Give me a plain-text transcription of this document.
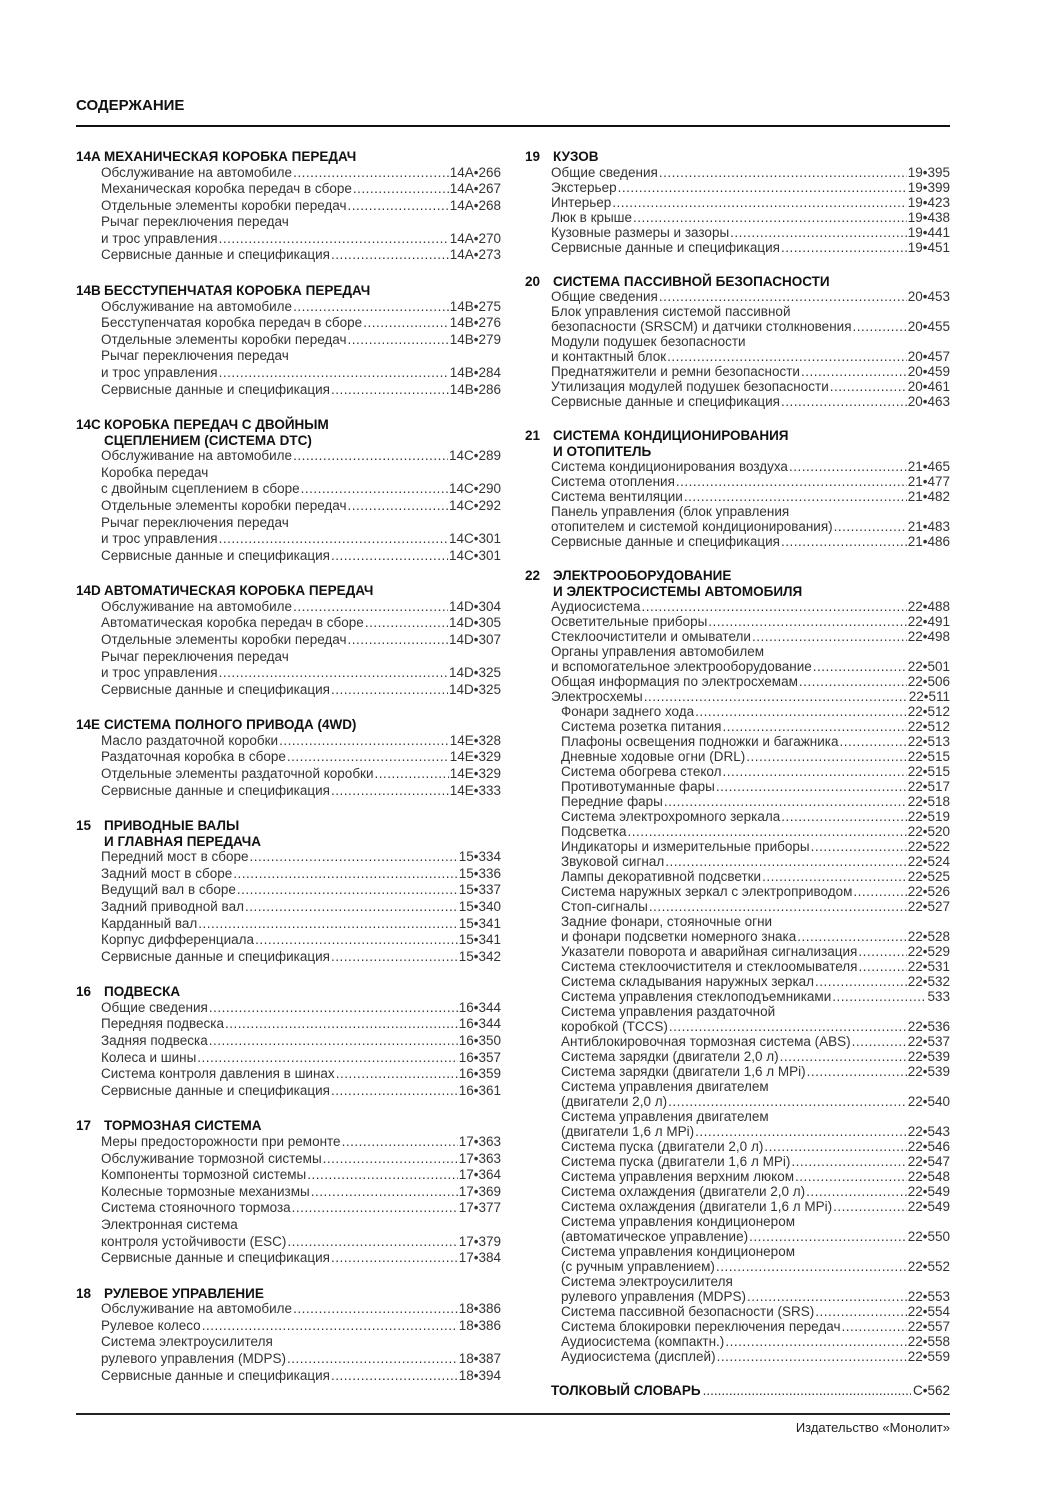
СОДЕРЖАНИЕ
14A МЕХАНИЧЕСКАЯ КОРОБКА ПЕРЕДАЧ
Обслуживание на автомобиле .....	14A•266
Механическая коробка передач в сборе .....	14A•267
Отдельные элементы коробки передач .....	14A•268
Рычаг переключения передач
и трос управления .....	14A•270
Сервисные данные и спецификация .....	14A•273
14B БЕССТУПЕНЧАТАЯ КОРОБКА ПЕРЕДАЧ
Обслуживание на автомобиле .....	14B•275
Бесступенчатая коробка передач в сборе .....	14B•276
Отдельные элементы коробки передач .....	14B•279
Рычаг переключения передач
и трос управления .....	14B•284
Сервисные данные и спецификация .....	14B•286
14C КОРОБКА ПЕРЕДАЧ С ДВОЙНЫМ
СЦЕПЛЕНИЕМ (СИСТЕМА DTC)
Обслуживание на автомобиле .....	14C•289
Коробка передач
с двойным сцеплением в сборе .....	14C•290
Отдельные элементы коробки передач .....	14C•292
Рычаг переключения передач
и трос управления .....	14C•301
Сервисные данные и спецификация .....	14C•301
14D АВТОМАТИЧЕСКАЯ КОРОБКА ПЕРЕДАЧ
Обслуживание на автомобиле .....	14D•304
Автоматическая коробка передач в сборе .....	14D•305
Отдельные элементы коробки передач .....	14D•307
Рычаг переключения передач
и трос управления .....	14D•325
Сервисные данные и спецификация .....	14D•325
14E СИСТЕМА ПОЛНОГО ПРИВОДА (4WD)
Масло раздаточной коробки .....	14E•328
Раздаточная коробка в сборе .....	14E•329
Отдельные элементы раздаточной коробки .....	14E•329
Сервисные данные и спецификация .....	14E•333
15 ПРИВОДНЫЕ ВАЛЫ
И ГЛАВНАЯ ПЕРЕДАЧА
Передний мост в сборе .....	15•334
Задний мост в сборе .....	15•336
Ведущий вал в сборе .....	15•337
Задний приводной вал .....	15•340
Карданный вал .....	15•341
Корпус дифференциала .....	15•341
Сервисные данные и спецификация .....	15•342
16 ПОДВЕСКА
Общие сведения .....	16•344
Передняя подвеска .....	16•344
Задняя подвеска .....	16•350
Колеса и шины .....	16•357
Система контроля давления в шинах .....	16•359
Сервисные данные и спецификация .....	16•361
17 ТОРМОЗНАЯ СИСТЕМА
Меры предосторожности при ремонте .....	17•363
Обслуживание тормозной системы .....	17•363
Компоненты тормозной системы .....	17•364
Колесные тормозные механизмы .....	17•369
Система стояночного тормоза .....	17•377
Электронная система
контроля устойчивости (ESC) .....	17•379
Сервисные данные и спецификация .....	17•384
18 РУЛЕВОЕ УПРАВЛЕНИЕ
Обслуживание на автомобиле .....	18•386
Рулевое колесо .....	18•386
Система электроусилителя
рулевого управления (MDPS) .....	18•387
Сервисные данные и спецификация .....	18•394
19 КУЗОВ
Общие сведения .....	19•395
Экстерьер .....	19•399
Интерьер .....	19•423
Люк в крыше .....	19•438
Кузовные размеры и зазоры .....	19•441
Сервисные данные и спецификация .....	19•451
20 СИСТЕМА ПАССИВНОЙ БЕЗОПАСНОСТИ
Общие сведения .....	20•453
Блок управления системой пассивной
безопасности (SRSCM) и датчики столкновения .....	20•455
Модули подушек безопасности
и контактный блок .....	20•457
Преднатяжители и ремни безопасности .....	20•459
Утилизация модулей подушек безопасности .....	20•461
Сервисные данные и спецификация .....	20•463
21 СИСТЕМА КОНДИЦИОНИРОВАНИЯ
И ОТОПИТЕЛЬ
Система кондиционирования воздуха .....	21•465
Система отопления .....	21•477
Система вентиляции .....	21•482
Панель управления (блок управления
отопителем и системой кондиционирования) .....	21•483
Сервисные данные и спецификация .....	21•486
22 ЭЛЕКТРООБОРУДОВАНИЕ
И ЭЛЕКТРОСИСТЕМЫ АВТОМОБИЛЯ
Аудиосистема .....	22•488
Осветительные приборы .....	22•491
Стеклоочистители и омыватели .....	22•498
Органы управления автомобилем
и вспомогательное электрооборудование .....	22•501
Общая информация по электросхемам .....	22•506
Электросхемы .....	22•511
Фонари заднего хода .....	22•512
Система розетка питания .....	22•512
Плафоны освещения подножки и багажника .....	22•513
Дневные ходовые огни (DRL) .....	22•515
Система обогрева стекол .....	22•515
Противотуманные фары .....	22•517
Передние фары .....	22•518
Система электрохромного зеркала .....	22•519
Подсветка .....	22•520
Индикаторы и измерительные приборы .....	22•522
Звуковой сигнал .....	22•524
Лампы декоративной подсветки .....	22•525
Система наружных зеркал с электроприводом .....	22•526
Стоп-сигналы .....	22•527
Задние фонари, стояночные огни
и фонари подсветки номерного знака .....	22•528
Указатели поворота и аварийная сигнализация .....	22•529
Система стеклоочистителя и стеклоомывателя .....	22•531
Система складывания наружных зеркал .....	22•532
Система управления стеклоподъемниками .....	533
Система управления раздаточной
коробкой (TCCS) .....	22•536
Антиблокировочная тормозная система (ABS) .....	22•537
Система зарядки (двигатели 2,0 л) .....	22•539
Система зарядки (двигатели 1,6 л MPi) .....	22•539
Система управления двигателем
(двигатели 2,0 л) .....	22•540
Система управления двигателем
(двигатели 1,6 л MPi) .....	22•543
Система пуска (двигатели 2,0 л) .....	22•546
Система пуска (двигатели 1,6 л MPi) .....	22•547
Система управления верхним люком .....	22•548
Система охлаждения (двигатели 2,0 л) .....	22•549
Система охлаждения (двигатели 1,6 л MPi) .....	22•549
Система управления кондиционером
(автоматическое управление) .....	22•550
Система управления кондиционером
(с ручным управлением) .....	22•552
Система электроусилителя
рулевого управления (MDPS) .....	22•553
Система пассивной безопасности (SRS) .....	22•554
Система блокировки переключения передач .....	22•557
Аудиосистема (компактн.) .....	22•558
Аудиосистема (дисплей) .....	22•559
ТОЛКОВЫЙ СЛОВАРЬ .....	С•562
Издательство «Монолит»
